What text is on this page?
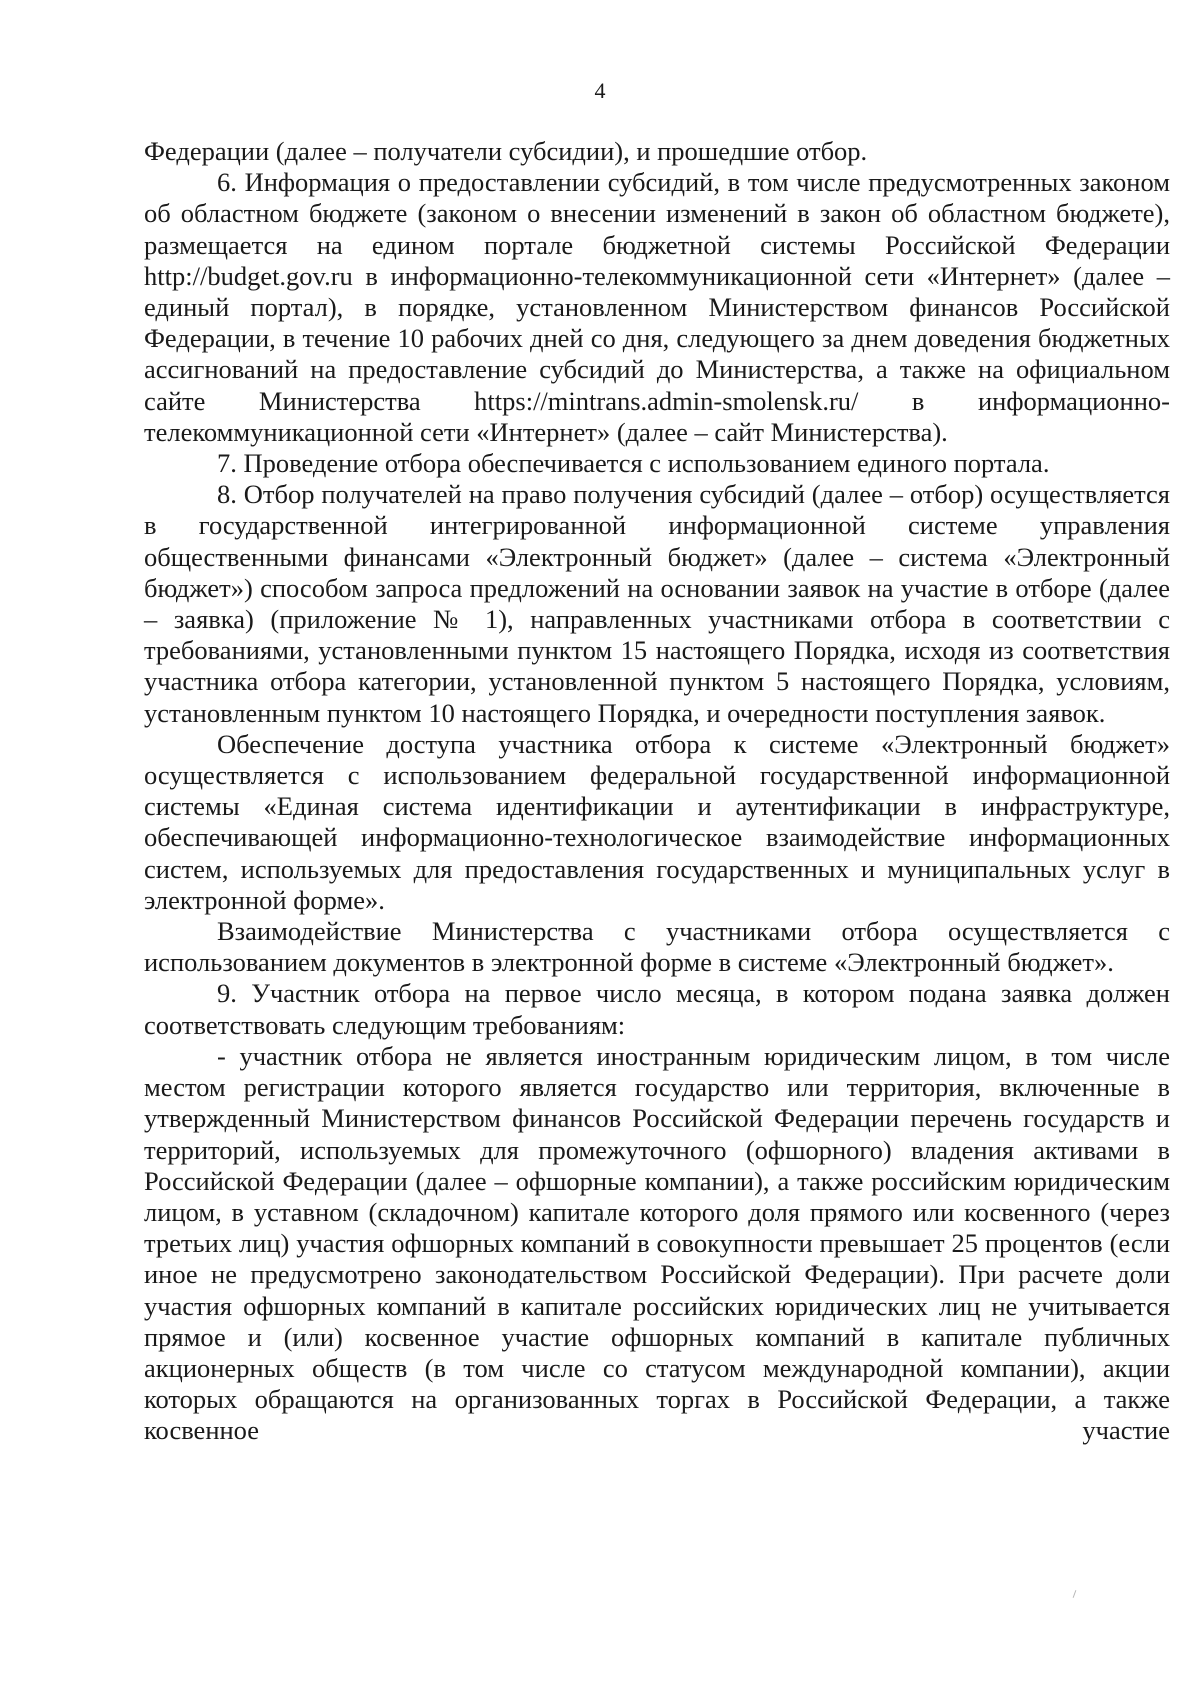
4

Федерации (далее – получатели субсидии), и прошедшие отбор.

6. Информация о предоставлении субсидий, в том числе предусмотренных законом об областном бюджете (законом о внесении изменений в закон об областном бюджете), размещается на едином портале бюджетной системы Российской Федерации http://budget.gov.ru в информационно-телекоммуникационной сети «Интернет» (далее – единый портал), в порядке, установленном Министерством финансов Российской Федерации, в течение 10 рабочих дней со дня, следующего за днем доведения бюджетных ассигнований на предоставление субсидий до Министерства, а также на официальном сайте Министерства https://mintrans.admin-smolensk.ru/ в информационно-телекоммуникационной сети «Интернет» (далее – сайт Министерства).

7. Проведение отбора обеспечивается с использованием единого портала.

8. Отбор получателей на право получения субсидий (далее – отбор) осуществляется в государственной интегрированной информационной системе управления общественными финансами «Электронный бюджет» (далее – система «Электронный бюджет») способом запроса предложений на основании заявок на участие в отборе (далее – заявка) (приложение № 1), направленных участниками отбора в соответствии с требованиями, установленными пунктом 15 настоящего Порядка, исходя из соответствия участника отбора категории, установленной пунктом 5 настоящего Порядка, условиям, установленным пунктом 10 настоящего Порядка, и очередности поступления заявок.

Обеспечение доступа участника отбора к системе «Электронный бюджет» осуществляется с использованием федеральной государственной информационной системы «Единая система идентификации и аутентификации в инфраструктуре, обеспечивающей информационно-технологическое взаимодействие информационных систем, используемых для предоставления государственных и муниципальных услуг в электронной форме».

Взаимодействие Министерства с участниками отбора осуществляется с использованием документов в электронной форме в системе «Электронный бюджет».

9. Участник отбора на первое число месяца, в котором подана заявка должен соответствовать следующим требованиям:

- участник отбора не является иностранным юридическим лицом, в том числе местом регистрации которого является государство или территория, включенные в утвержденный Министерством финансов Российской Федерации перечень государств и территорий, используемых для промежуточного (офшорного) владения активами в Российской Федерации (далее – офшорные компании), а также российским юридическим лицом, в уставном (складочном) капитале которого доля прямого или косвенного (через третьих лиц) участия офшорных компаний в совокупности превышает 25 процентов (если иное не предусмотрено законодательством Российской Федерации). При расчете доли участия офшорных компаний в капитале российских юридических лиц не учитывается прямое и (или) косвенное участие офшорных компаний в капитале публичных акционерных обществ (в том числе со статусом международной компании), акции которых обращаются на организованных торгах в Российской Федерации, а также косвенное участие
